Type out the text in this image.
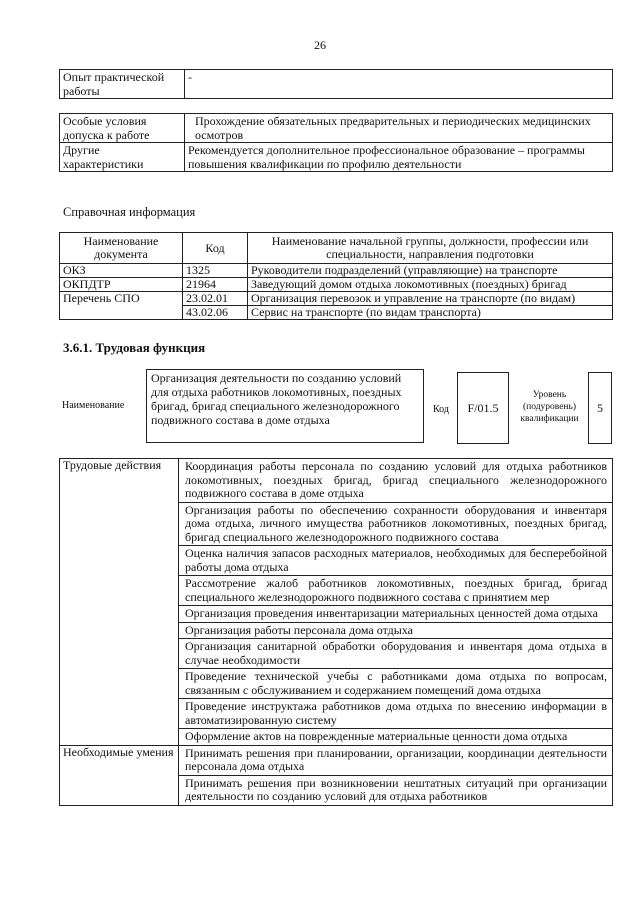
26
Опыт практической работы	-
Особые условия допуска к работе	Прохождение обязательных предварительных и периодических медицинских осмотров
Другие характеристики	Рекомендуется дополнительное профессиональное образование – программы повышения квалификации по профилю деятельности
Справочная информация
Наименование документа	Код	Наименование начальной группы, должности, профессии или специальности, направления подготовки
ОКЗ	1325	Руководители подразделений (управляющие) на транспорте
ОКПДТР	21964	Заведующий домом отдыха локомотивных (поездных) бригад
Перечень СПО	23.02.01	Организация перевозок и управление на транспорте (по видам)
	43.02.06	Сервис на транспорте (по видам транспорта)
3.6.1. Трудовая функция
Наименование
Организация деятельности по созданию условий для отдыха работников локомотивных, поездных бригад, бригад специального железнодорожного подвижного состава в доме отдыха
Код	F/01.5
Уровень (подуровень) квалификации
5
Трудовые действия	Координация работы персонала по созданию условий для отдыха работников локомотивных, поездных бригад, бригад специального железнодорожного подвижного состава в доме отдыха
	Организация работы по обеспечению сохранности оборудования и инвентаря дома отдыха, личного имущества работников локомотивных, поездных бригад, бригад специального железнодорожного подвижного состава
	Оценка наличия запасов расходных материалов, необходимых для бесперебойной работы дома отдыха
	Рассмотрение жалоб работников локомотивных, поездных бригад, бригад специального железнодорожного подвижного состава с принятием мер
	Организация проведения инвентаризации материальных ценностей дома отдыха
	Организация работы персонала дома отдыха
	Организация санитарной обработки оборудования и инвентаря дома отдыха в случае необходимости
	Проведение технической учебы с работниками дома отдыха по вопросам, связанным с обслуживанием и содержанием помещений дома отдыха
	Проведение инструктажа работников дома отдыха по внесению информации в автоматизированную систему
	Оформление актов на поврежденные материальные ценности дома отдыха
Необходимые умения	Принимать решения при планировании, организации, координации деятельности персонала дома отдыха
	Принимать решения при возникновении нештатных ситуаций при организации деятельности по созданию условий для отдыха работников
